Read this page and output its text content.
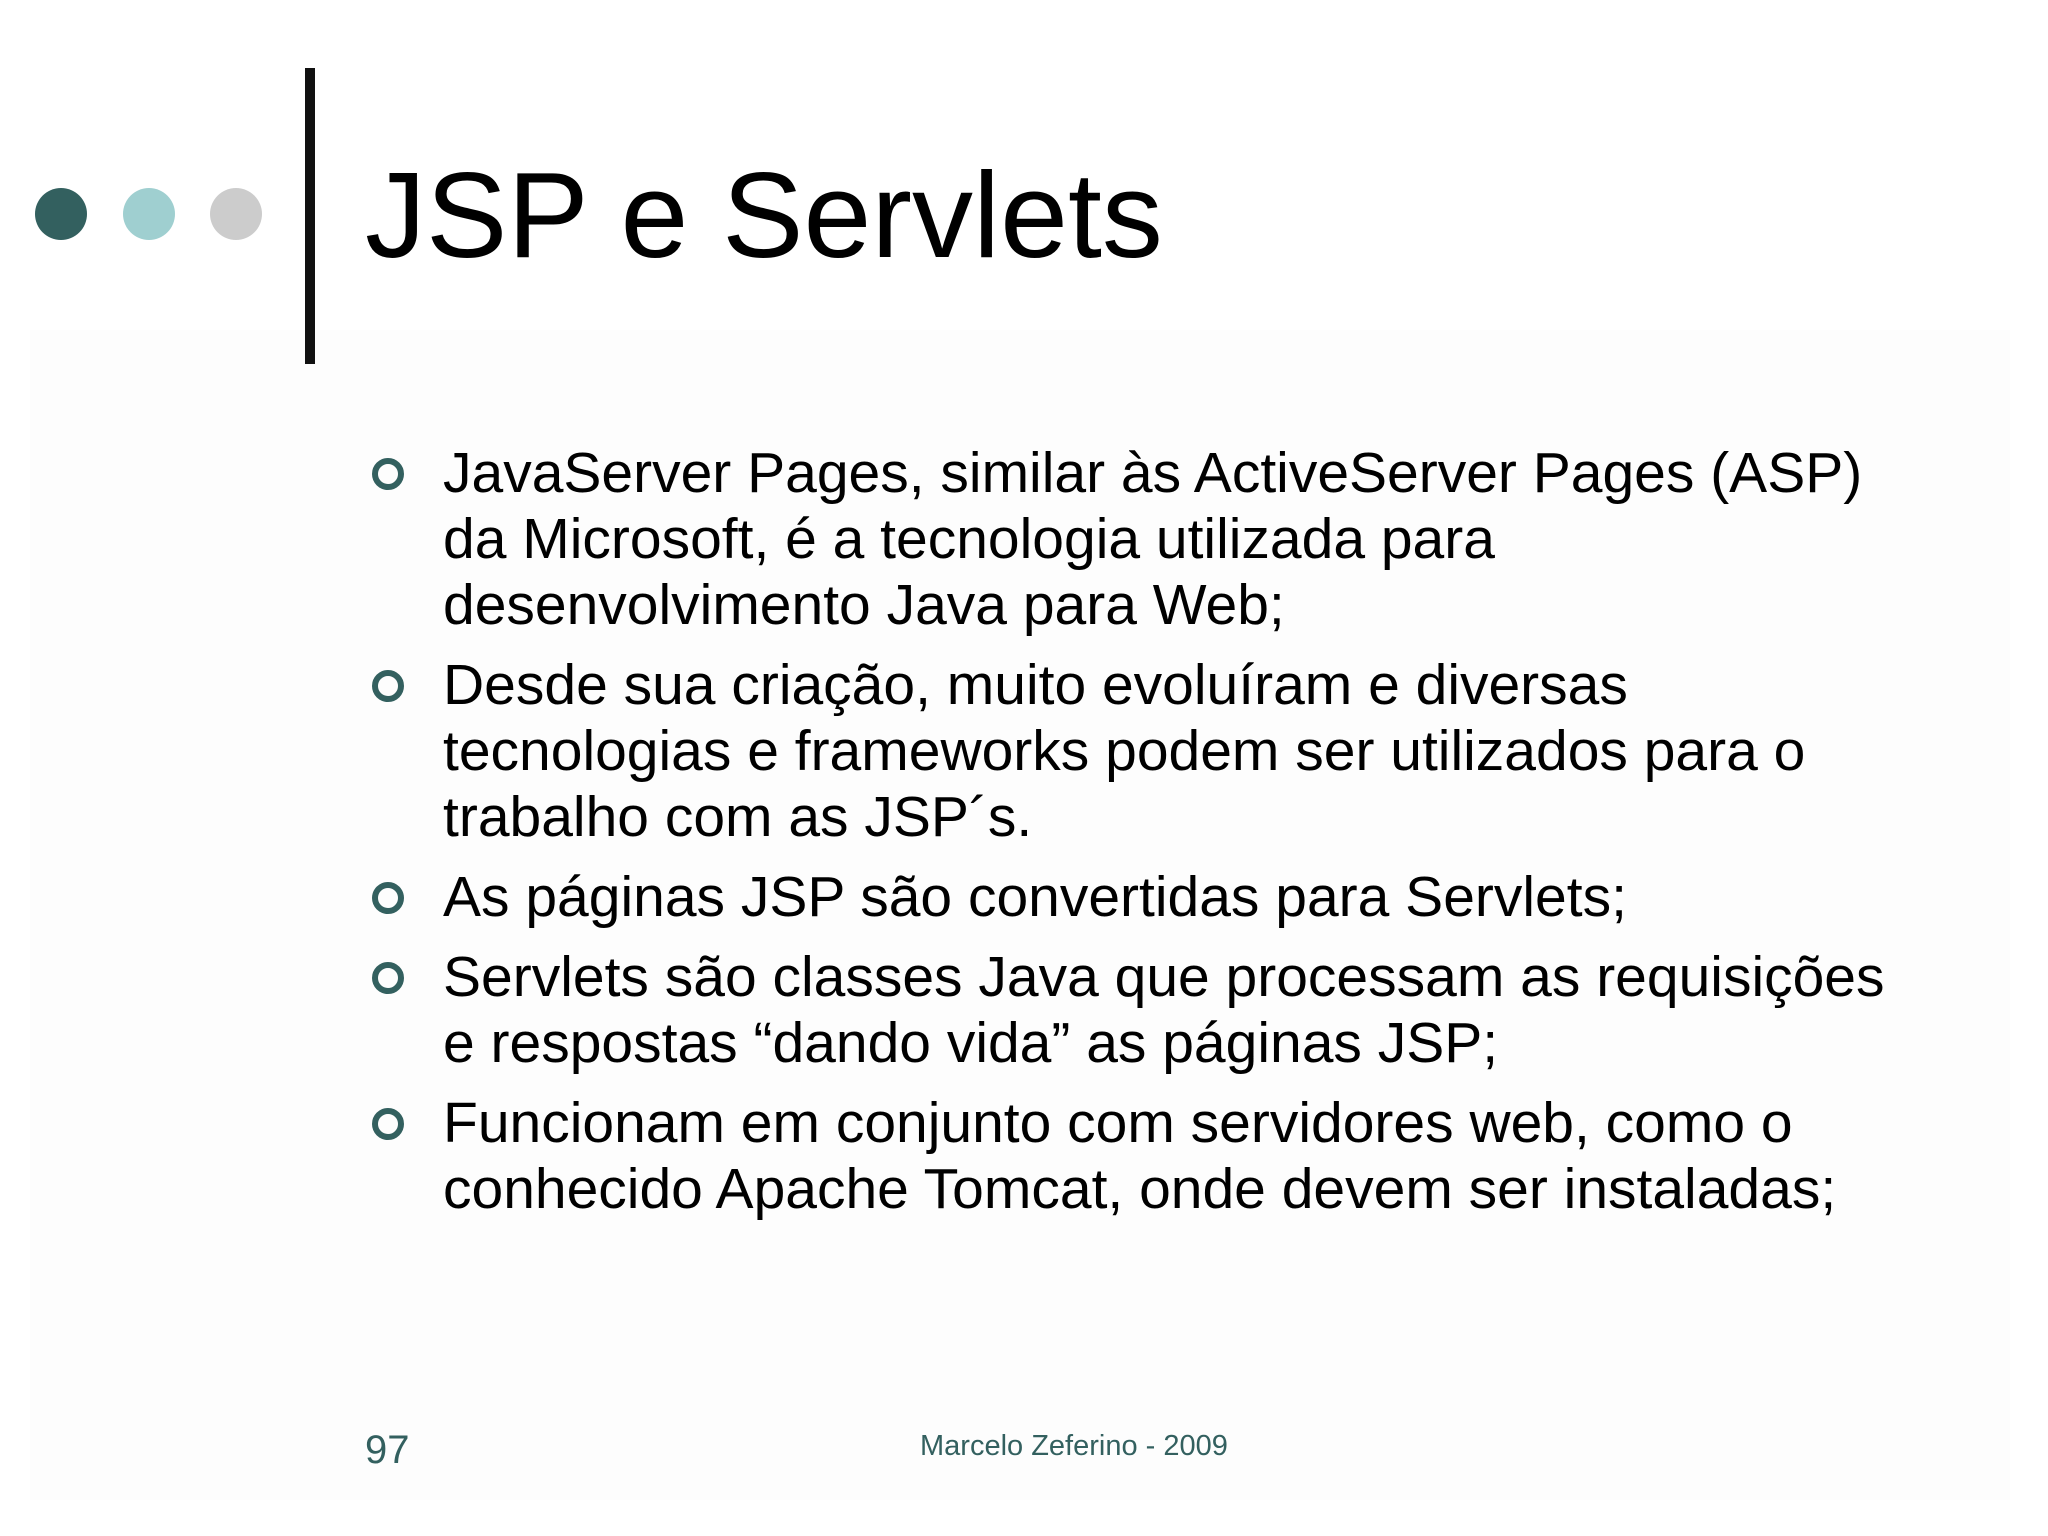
JSP e Servlets
JavaServer Pages, similar às ActiveServer Pages (ASP) da Microsoft, é a tecnologia utilizada para desenvolvimento Java para Web;
Desde sua criação, muito evoluíram e diversas tecnologias e frameworks podem ser utilizados para o trabalho com as JSP´s.
As páginas JSP são convertidas para Servlets;
Servlets são classes Java que processam as requisições e respostas “dando vida” as páginas JSP;
Funcionam em conjunto com servidores web, como o conhecido Apache Tomcat, onde devem ser instaladas;
97	Marcelo Zeferino - 2009
